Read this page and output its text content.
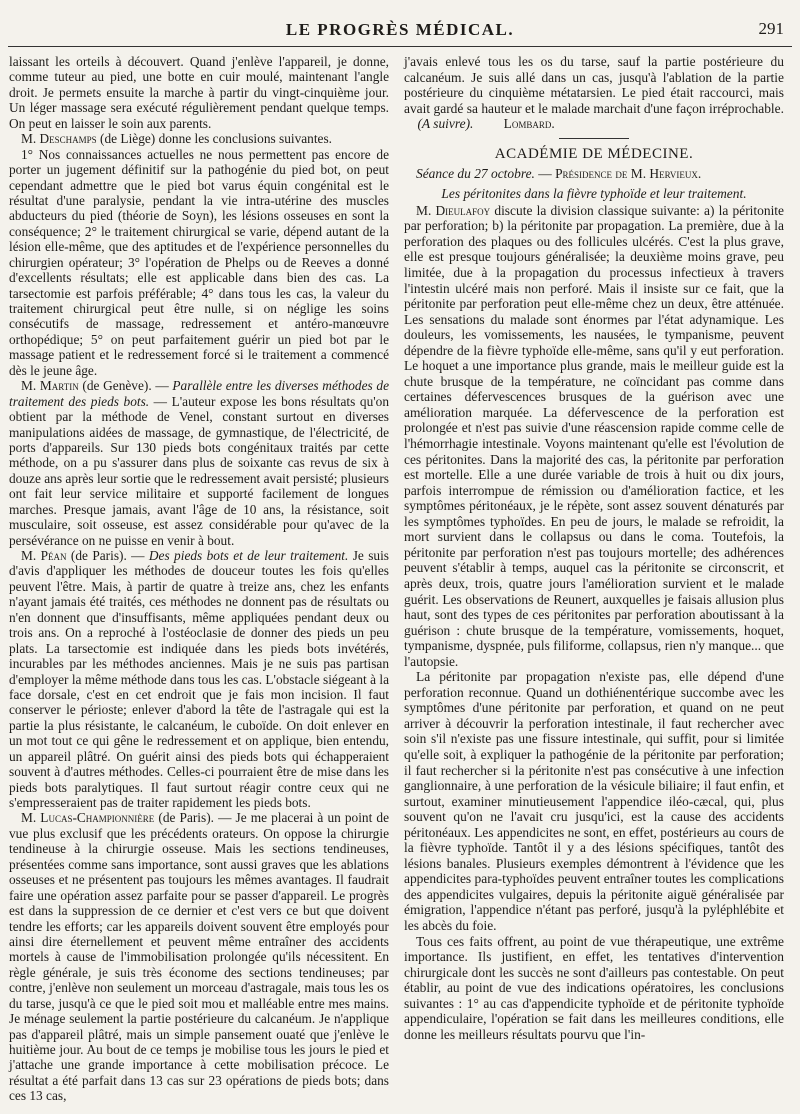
LE PROGRÈS MÉDICAL.	291

laissant les orteils à découvert. Quand j'enlève l'appareil, je donne, comme tuteur au pied, une botte en cuir moulé, maintenant l'angle droit. Je permets ensuite la marche à partir du vingt-cinquième jour. Un léger massage sera exécuté régulièrement pendant quelque temps. On peut en laisser le soin aux parents.

M. Deschamps (de Liège) donne les conclusions suivantes.

1° Nos connaissances actuelles ne nous permettent pas encore de porter un jugement définitif sur la pathogénie du pied bot, on peut cependant admettre que le pied bot varus équin congénital est le résultat d'une paralysie, pendant la vie intra-utérine des muscles abducteurs du pied (théorie de Soyn), les lésions osseuses en sont la conséquence; 2° le traitement chirurgical se varie, dépend autant de la lésion elle-même, que des aptitudes et de l'expérience personnelles du chirurgien opérateur; 3° l'opération de Phelps ou de Reeves a donné d'excellents résultats; elle est applicable dans bien des cas. La tarsectomie est parfois préférable; 4° dans tous les cas, la valeur du traitement chirurgical peut être nulle, si on néglige les soins consécutifs de massage, redressement et antéro-manœuvre orthopédique; 5° on peut parfaitement guérir un pied bot par le massage patient et le redressement forcé si le traitement a commencé dès le jeune âge.

M. Martin (de Genève). — Parallèle entre les diverses méthodes de traitement des pieds bots. — L'auteur expose les bons résultats qu'on obtient par la méthode de Venel, constant surtout en diverses manipulations aidées de massage, de gymnastique, de l'électricité, de ports d'appareils. Sur 130 pieds bots congénitaux traités par cette méthode, on a pu s'assurer dans plus de soixante cas revus de six à douze ans après leur sortie que le redressement avait persisté; plusieurs ont fait leur service militaire et supporté facilement de longues marches. Presque jamais, avant l'âge de 10 ans, la résistance, soit musculaire, soit osseuse, est assez considérable pour qu'avec de la persévérance on ne puisse en venir à bout.

M. Péan (de Paris). — Des pieds bots et de leur traitement. Je suis d'avis d'appliquer les méthodes de douceur toutes les fois qu'elles peuvent l'être. Mais, à partir de quatre à treize ans, chez les enfants n'ayant jamais été traités, ces méthodes ne donnent pas de résultats ou n'en donnent que d'insuffisants, même appliquées pendant deux ou trois ans. On a reproché à l'ostéoclasie de donner des pieds un peu plats. La tarsectomie est indiquée dans les pieds bots invétérés, incurables par les méthodes anciennes. Mais je ne suis pas partisan d'employer la même méthode dans tous les cas. L'obstacle siégeant à la face dorsale, c'est en cet endroit que je fais mon incision. Il faut conserver le périoste; enlever d'abord la tête de l'astragale qui est la partie la plus résistante, le calcanéum, le cuboïde. On doit enlever en un mot tout ce qui gêne le redressement et on applique, bien entendu, un appareil plâtré. On guérit ainsi des pieds bots qui échapperaient souvent à d'autres méthodes. Celles-ci pourraient être de mise dans les pieds bots paralytiques. Il faut surtout réagir contre ceux qui ne s'empresseraient pas de traiter rapidement les pieds bots.

M. Lucas-Championnière (de Paris). — Je me placerai à un point de vue plus exclusif que les précédents orateurs. On oppose la chirurgie tendineuse à la chirurgie osseuse. Mais les sections tendineuses, présentées comme sans importance, sont aussi graves que les ablations osseuses et ne présentent pas toujours les mêmes avantages. Il faudrait faire une opération assez parfaite pour se passer d'appareil. Le progrès est dans la suppression de ce dernier et c'est vers ce but que doivent tendre les efforts; car les appareils doivent souvent être employés pour ainsi dire éternellement et peuvent même entraîner des accidents mortels à cause de l'immobilisation prolongée qu'ils nécessitent. En règle générale, je suis très économe des sections tendineuses; par contre, j'enlève non seulement un morceau d'astragale, mais tous les os du tarse, jusqu'à ce que le pied soit mou et malléable entre mes mains. Je ménage seulement la partie postérieure du calcanéum. Je n'applique pas d'appareil plâtré, mais un simple pansement ouaté que j'enlève le huitième jour. Au bout de ce temps je mobilise tous les jours le pied et j'attache une grande importance à cette mobilisation précoce. Le résultat a été parfait dans 13 cas sur 23 opérations de pieds bots; dans ces 13 cas,

j'avais enlevé tous les os du tarse, sauf la partie postérieure du calcanéum. Je suis allé dans un cas, jusqu'à l'ablation de la partie postérieure du cinquième métatarsien. Le pied était raccourci, mais avait gardé sa hauteur et le malade marchait d'une façon irréprochable.     (A suivre). Lombard.

ACADÉMIE DE MÉDECINE.

Séance du 27 octobre. — Présidence de M. Hervieux.

Les péritonites dans la fièvre typhoïde et leur traitement.

M. Dieulafoy discute la division classique suivante: a) la péritonite par perforation; b) la péritonite par propagation. La première, due à la perforation des plaques ou des follicules ulcérés. C'est la plus grave, elle est presque toujours généralisée; la deuxième moins grave, peu limitée, due à la propagation du processus infectieux à travers l'intestin ulcéré mais non perforé. Mais il insiste sur ce fait, que la péritonite par perforation peut elle-même chez un deux, être atténuée. Les sensations du malade sont énormes par l'état adynamique. Les douleurs, les vomissements, les nausées, le tympanisme, peuvent dépendre de la fièvre typhoïde elle-même, sans qu'il y eut perforation. Le hoquet a une importance plus grande, mais le meilleur guide est la chute brusque de la température, ne coïncidant pas comme dans certaines défervescences brusques de la guérison avec une amélioration marquée. La défervescence de la perforation est prolongée et n'est pas suivie d'une réascension rapide comme celle de l'hémorrhagie intestinale. Voyons maintenant qu'elle est l'évolution de ces péritonites. Dans la majorité des cas, la péritonite par perforation est mortelle. Elle a une durée variable de trois à huit ou dix jours, parfois interrompue de rémission ou d'amélioration factice, et les symptômes péritonéaux, je le répète, sont assez souvent dénaturés par les symptômes typhoïdes. En peu de jours, le malade se refroidit, la mort survient dans le collapsus ou dans le coma. Toutefois, la péritonite par perforation n'est pas toujours mortelle; des adhérences peuvent s'établir à temps, auquel cas la péritonite se circonscrit, et après deux, trois, quatre jours l'amélioration survient et le malade guérit. Les observations de Reunert, auxquelles je faisais allusion plus haut, sont des types de ces péritonites par perforation aboutissant à la guérison : chute brusque de la température, vomissements, hoquet, tympanisme, dyspnée, puls filiforme, collapsus, rien n'y manque... que l'autopsie.

La péritonite par propagation n'existe pas, elle dépend d'une perforation reconnue. Quand un dothiénentérique succombe avec les symptômes d'une péritonite par perforation, et quand on ne peut arriver à découvrir la perforation intestinale, il faut rechercher avec soin s'il n'existe pas une fissure intestinale, qui suffit, pour si limitée qu'elle soit, à expliquer la pathogénie de la péritonite par perforation; il faut rechercher si la péritonite n'est pas consécutive à une infection ganglionnaire, à une perforation de la vésicule biliaire; il faut enfin, et surtout, examiner minutieusement l'appendice iléo-cæcal, qui, plus souvent qu'on ne l'avait cru jusqu'ici, est la cause des accidents péritonéaux. Les appendicites ne sont, en effet, postérieurs au cours de la fièvre typhoïde. Tantôt il y a des lésions spécifiques, tantôt des lésions banales. Plusieurs exemples démontrent à l'évidence que les appendicites para-typhoïdes peuvent entraîner toutes les complications des appendicites vulgaires, depuis la péritonite aiguë généralisée par émigration, l'appendice n'étant pas perforé, jusqu'à la pyléphlébite et les abcès du foie.

Tous ces faits offrent, au point de vue thérapeutique, une extrême importance. Ils justifient, en effet, les tentatives d'intervention chirurgicale dont les succès ne sont d'ailleurs pas contestable. On peut établir, au point de vue des indications opératoires, les conclusions suivantes : 1° au cas d'appendicite typhoïde et de péritonite typhoïde appendiculaire, l'opération se fait dans les meilleures conditions, elle donne les meilleurs résultats pourvu que l'in-
